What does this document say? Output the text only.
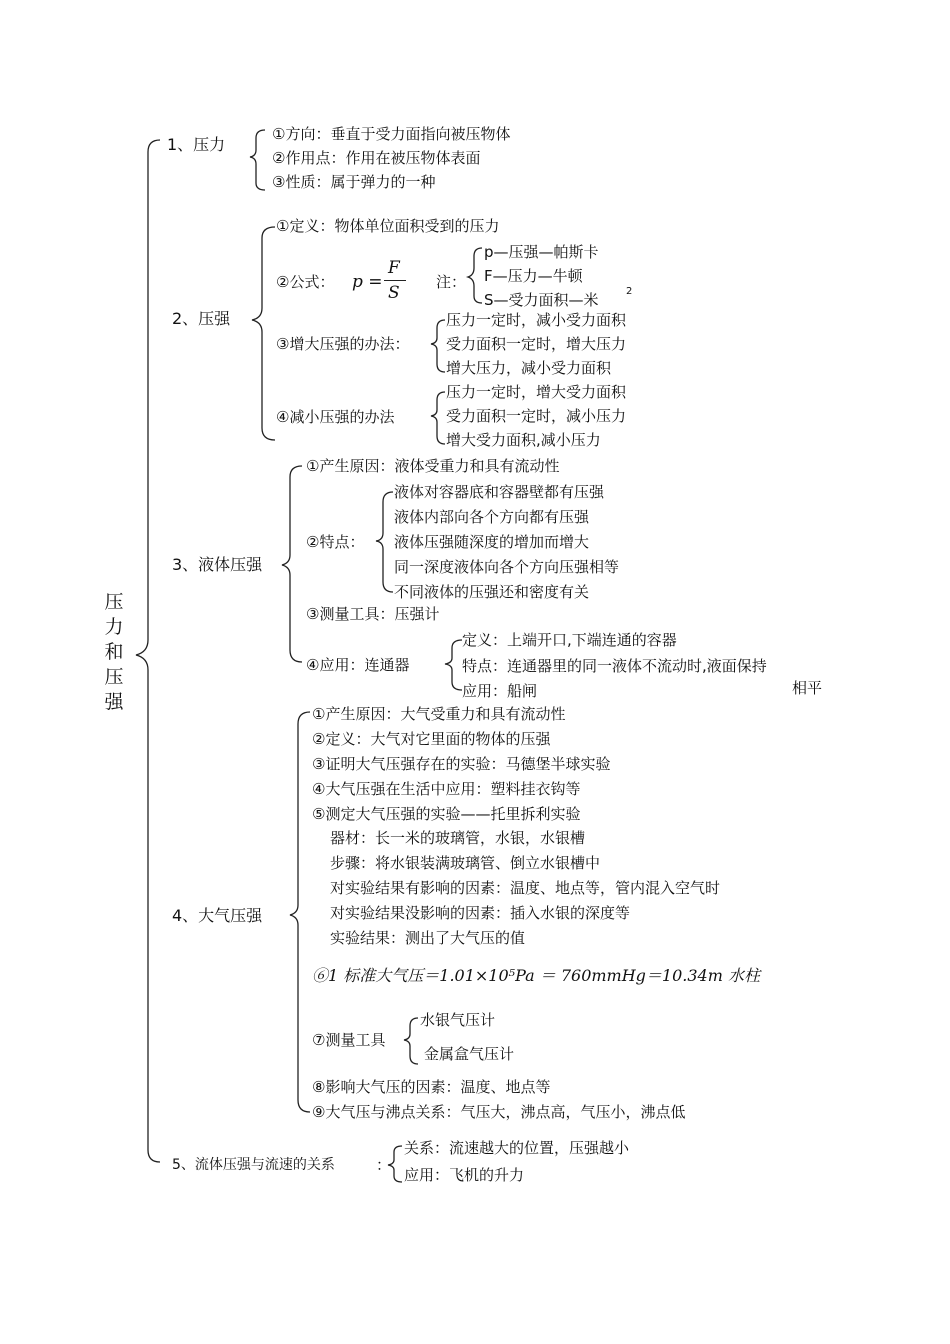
压
力
和
压
强
1、压力
①方向：垂直于受力面指向被压物体
②作用点：作用在被压物体表面
③性质：属于弹力的一种
2、压强
①定义：物体单位面积受到的压力
②公式： p =
F
S
注：
p—压强—帕斯卡
F—压力—牛顿
S—受力面积—米	2
③增大压强的办法：
压力一定时，减小受力面积
受力面积一定时，增大压力
增大压力，减小受力面积
④减小压强的办法
压力一定时，增大受力面积
受力面积一定时，减小压力
增大受力面积,减小压力
3、液体压强
①产生原因：液体受重力和具有流动性
②特点：
液体对容器底和容器壁都有压强
液体内部向各个方向都有压强
液体压强随深度的增加而增大
同一深度液体向各个方向压强相等
不同液体的压强还和密度有关
③测量工具：压强计
④应用：连通器
定义：上端开口,下端连通的容器
特点：连通器里的同一液体不流动时,液面保持
相平
应用：船闸
4、大气压强
①产生原因：大气受重力和具有流动性
②定义：大气对它里面的物体的压强
③证明大气压强存在的实验：马德堡半球实验
④大气压强在生活中应用：塑料挂衣钩等
⑤测定大气压强的实验——托里拆利实验
器材：长一米的玻璃管，水银，水银槽
步骤：将水银装满玻璃管、倒立水银槽中
对实验结果有影响的因素：温度、地点等，管内混入空气时
对实验结果没影响的因素：插入水银的深度等
实验结果：测出了大气压的值
⑥1 标准大气压＝1.01×10⁵Pa ＝ 760mmHg＝10.34m 水柱
⑦测量工具
水银气压计
金属盒气压计
⑧影响大气压的因素：温度、地点等
⑨大气压与沸点关系：气压大，沸点高，气压小，沸点低
5、流体压强与流速的关系	：
关系：流速越大的位置，压强越小
应用：飞机的升力
